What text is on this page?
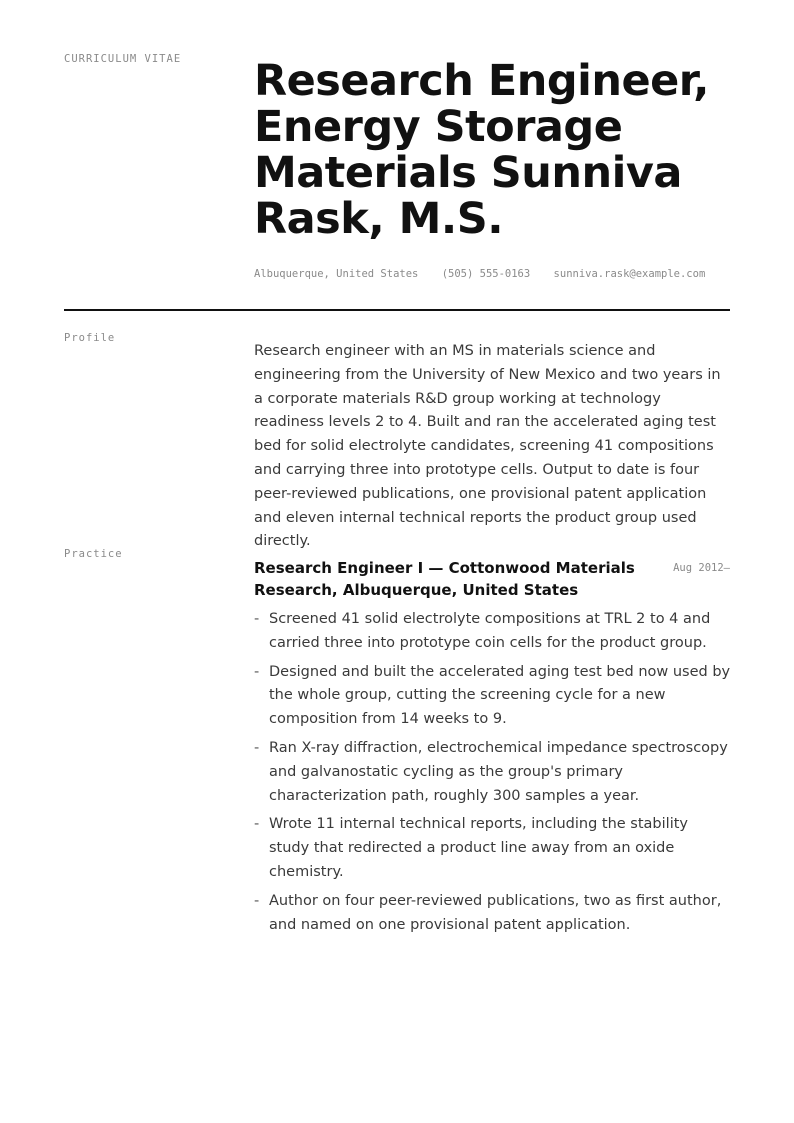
CURRICULUM VITAE Research Engineer, Energy Storage Materials Sunniva Rask, M.S.
Albuquerque, United States (505) 555-0163 sunniva.rask@example.com
Profile

Research engineer with an MS in materials science and engineering from the University of New Mexico and two years in a corporate materials R&D group working at technology readiness levels 2 to 4. Built and ran the accelerated aging test bed for solid electrolyte candidates, screening 41 compositions and carrying three into prototype cells. Output to date is four peer-reviewed publications, one provisional patent application and eleven internal technical reports the product group used directly.

Practice
Research Engineer I — Cottonwood Materials Research, Albuquerque, United States
Aug 2012–
- Screened 41 solid electrolyte compositions at TRL 2 to 4 and carried three into prototype coin cells for the product group.
- Designed and built the accelerated aging test bed now used by the whole group, cutting the screening cycle for a new composition from 14 weeks to 9.
- Ran X-ray diffraction, electrochemical impedance spectroscopy and galvanostatic cycling as the group's primary characterization path, roughly 300 samples a year.
- Wrote 11 internal technical reports, including the stability study that redirected a product line away from an oxide chemistry.
- Author on four peer-reviewed publications, two as first author, and named on one provisional patent application.
